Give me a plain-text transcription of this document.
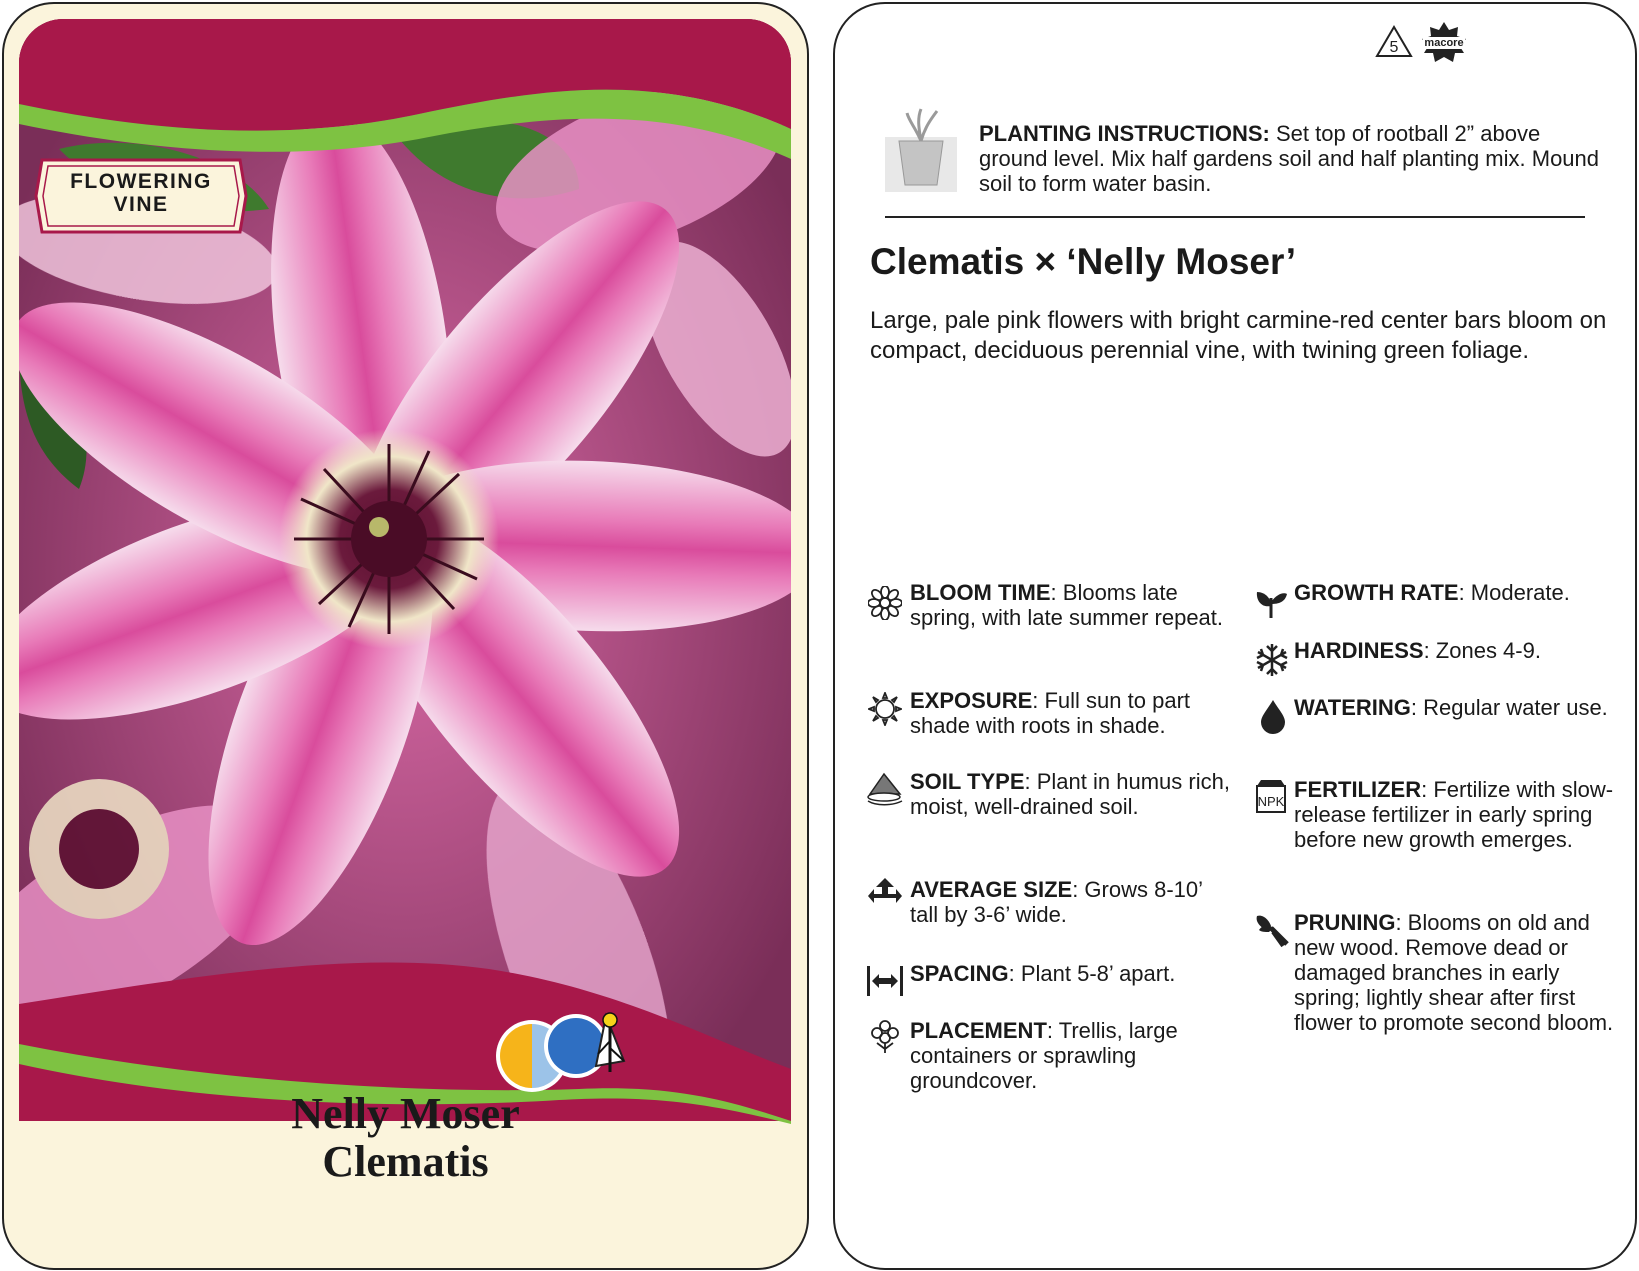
FLOWERING
VINE
Nelly Moser
Clematis
5 macore
PLANTING INSTRUCTIONS: Set top of rootball 2” above ground level. Mix half gardens soil and half planting mix. Mound soil to form water basin.
Clematis × ‘Nelly Moser’
Large, pale pink flowers with bright carmine-red center bars bloom on compact, deciduous perennial vine, with twining green foliage.
BLOOM TIME: Blooms late spring, with late summer repeat.
EXPOSURE: Full sun to part shade with roots in shade.
SOIL TYPE: Plant in humus rich, moist, well-drained soil.
AVERAGE SIZE: Grows 8-10’ tall by 3-6’ wide.
SPACING: Plant 5-8’ apart.
PLACEMENT: Trellis, large containers or sprawling groundcover.
GROWTH RATE: Moderate.
HARDINESS: Zones 4-9.
WATERING: Regular water use.
NPK FERTILIZER: Fertilize with slow-release fertilizer in early spring before new growth emerges.
PRUNING: Blooms on old and new wood. Remove dead or damaged branches in early spring; lightly shear after first flower to promote second bloom.
